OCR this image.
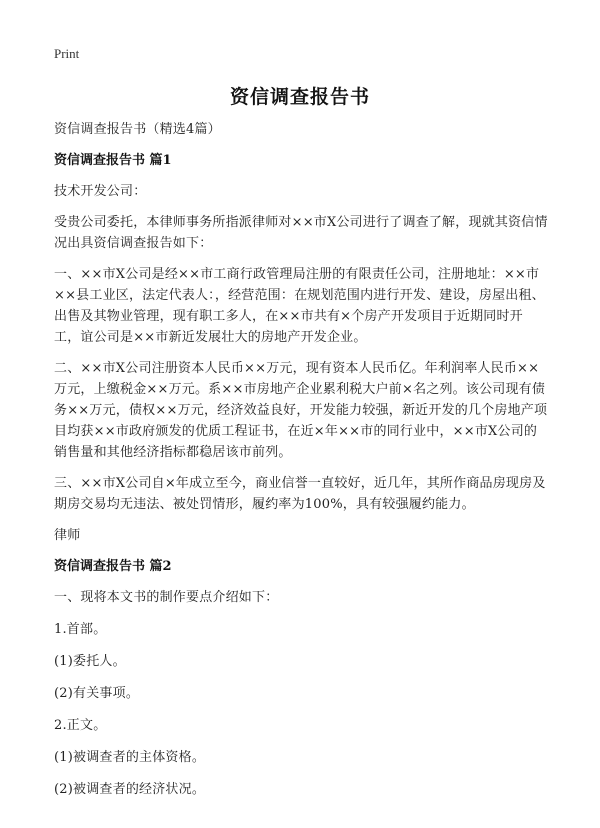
Print
资信调查报告书

资信调查报告书（精选4篇）

资信调查报告书 篇1

技术开发公司：

受贵公司委托，本律师事务所指派律师对××市X公司进行了调查了解，现就其资信情况出具资信调查报告如下：

一、××市X公司是经××市工商行政管理局注册的有限责任公司，注册地址：××市××县工业区，法定代表人：，经营范围：在规划范围内进行开发、建设，房屋出租、出售及其物业管理，现有职工多人，在××市共有×个房产开发项目于近期同时开工，谊公司是××市新近发展壮大的房地产开发企业。

二、××市X公司注册资本人民币××万元，现有资本人民币亿。年利润率人民币××万元，上缴税金××万元。系××市房地产企业累利税大户前×名之列。该公司现有债务××万元，债权××万元，经济效益良好，开发能力较强，新近开发的几个房地产项目均获××市政府颁发的优质工程证书，在近×年××市的同行业中，××市X公司的销售量和其他经济指标都稳居该市前列。

三、××市X公司自×年成立至今，商业信誉一直较好，近几年，其所作商品房现房及期房交易均无违法、被处罚情形，履约率为100%，具有较强履约能力。

律师

资信调查报告书 篇2

一、现将本文书的制作要点介绍如下：

1.首部。

(1)委托人。

(2)有关事项。

2.正文。

(1)被调查者的主体资格。

(2)被调查者的经济状况。
